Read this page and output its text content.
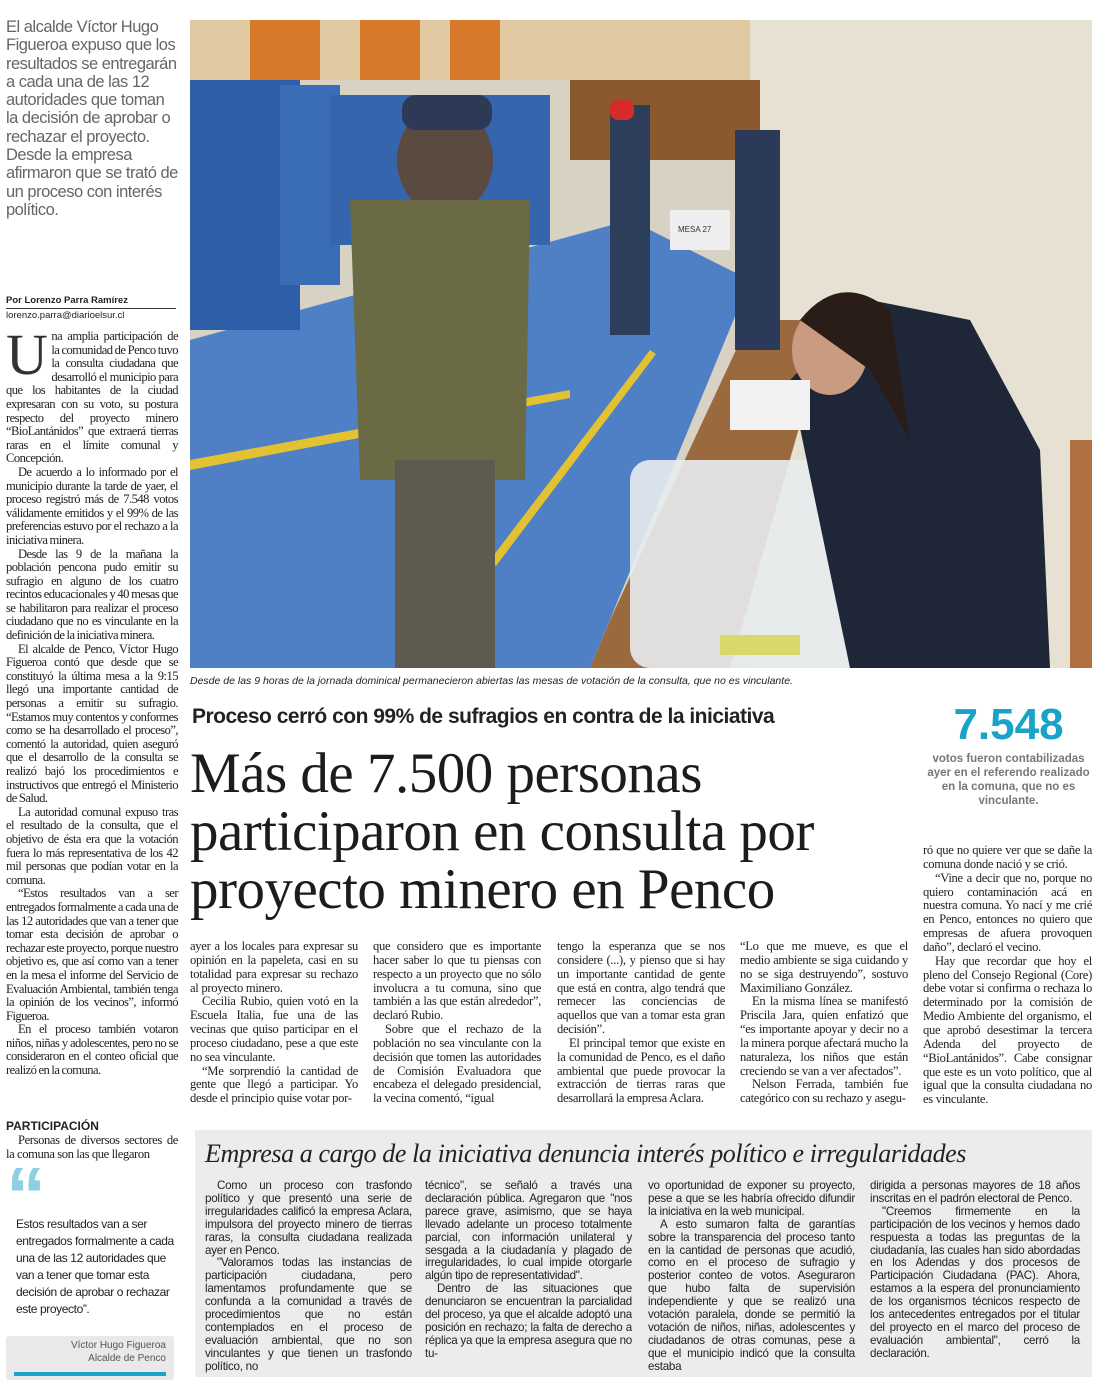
El alcalde Víctor Hugo Figueroa expuso que los resultados se entregarán a cada una de las 12 autoridades que toman la decisión de aprobar o rechazar el proyecto. Desde la empresa afirmaron que se trató de un proceso con interés político.
Por Lorenzo Parra Ramírez
lorenzo.parra@diarioelsur.cl
U na amplia participación de la comunidad de Penco tuvo la consulta ciudadana que desarrolló el municipio para que los habitantes de la ciudad expresaran con su voto, su postura respecto del proyecto minero “BioLantánidos” que extraerá tierras raras en el límite comunal y Concepción.

De acuerdo a lo informado por el municipio durante la tarde de yaer, el proceso registró más de 7.548 votos válidamente emitidos y el 99% de las preferencias estuvo por el rechazo a la iniciativa minera.

Desde las 9 de la mañana la población pencona pudo emitir su sufragio en alguno de los cuatro recintos educacionales y 40 mesas que se habilitaron para realizar el proceso ciudadano que no es vinculante en la definición de la iniciativa minera.

El alcalde de Penco, Víctor Hugo Figueroa contó que desde que se constituyó la última mesa a la 9:15 llegó una importante cantidad de personas a emitir su sufragio. “Estamos muy contentos y conformes como se ha desarrollado el proceso”, comentó la autoridad, quien aseguró que el desarrollo de la consulta se realizó bajó los procedimientos e instructivos que entregó el Ministerio de Salud.

La autoridad comunal expuso tras el resultado de la consulta, que el objetivo de ésta era que la votación fuera lo más representativa de los 42 mil personas que podían votar en la comuna.

“Estos resultados van a ser entregados formalmente a cada una de las 12 autoridades que van a tener que tomar esta decisión de aprobar o rechazar este proyecto, porque nuestro objetivo es, que así como van a tener en la mesa el informe del Servicio de Evaluación Ambiental, también tenga la opinión de los vecinos”, informó Figueroa.

En el proceso también votaron niños, niñas y adolescentes, pero no se consideraron en el conteo oficial que realizó en la comuna.

MESA 27
Desde de las 9 horas de la jornada dominical permanecieron abiertas las mesas de votación de la consulta, que no es vinculante.
Proceso cerró con 99% de sufragios en contra de la iniciativa
Más de 7.500 personas participaron en consulta por proyecto minero en Penco
7.548
votos fueron contabilizadas ayer en el referendo realizado en la comuna, que no es vinculante.

ayer a los locales para expresar su opinión en la papeleta, casi en su totalidad para expresar su rechazo al proyecto minero.

Cecilia Rubio, quien votó en la Escuela Italia, fue una de las vecinas que quiso participar en el proceso ciudadano, pese a que este no sea vinculante.

“Me sorprendió la cantidad de gente que llegó a participar. Yo desde el principio quise votar por-

que considero que es importante hacer saber lo que tu piensas con respecto a un proyecto que no sólo involucra a tu comuna, sino que también a las que están alrededor”, declaró Rubio.

Sobre que el rechazo de la población no sea vinculante con la decisión que tomen las autoridades de Comisión Evaluadora que encabeza el delegado presidencial, la vecina comentó, “igual

tengo la esperanza que se nos considere (...), y pienso que si hay un importante cantidad de gente que está en contra, algo tendrá que remecer las conciencias de aquellos que van a tomar esta gran decisión”.

El principal temor que existe en la comunidad de Penco, es el daño ambiental que puede provocar la extracción de tierras raras que desarrollará la empresa Aclara.

“Lo que me mueve, es que el medio ambiente se siga cuidando y no se siga destruyendo”, sostuvo Maximiliano González.

En la misma línea se manifestó Priscila Jara, quien enfatizó que “es importante apoyar y decir no a la minera porque afectará mucho la naturaleza, los niños que están creciendo se van a ver afectados”.

Nelson Ferrada, también fue categórico con su rechazo y asegu-

ró que no quiere ver que se dañe la comuna donde nació y se crió.

“Vine a decir que no, porque no quiero contaminación acá en nuestra comuna. Yo nací y me crié en Penco, entonces no quiero que empresas de afuera provoquen daño”, declaró el vecino.

Hay que recordar que hoy el pleno del Consejo Regional (Core) debe votar si confirma o rechaza lo determinado por la comisión de Medio Ambiente del organismo, el que aprobó desestimar la tercera Adenda del proyecto de “BioLantánidos”. Cabe consignar que este es un voto político, que al igual que la consulta ciudadana no es vinculante.

PARTICIPACIÓN
Personas de diversos sectores de la comuna son las que llegaron
“
Estos resultados van a ser entregados formalmente a cada una de las 12 autoridades que van a tener que tomar esta decisión de aprobar o rechazar este proyecto”.
Víctor Hugo Figueroa
Alcalde de Penco
Empresa a cargo de la iniciativa denuncia interés político e irregularidades

Como un proceso con trasfondo político y que presentó una serie de irregularidades calificó la empresa Aclara, impulsora del proyecto minero de tierras raras, la consulta ciudadana realizada ayer en Penco.

"Valoramos todas las instancias de participación ciudadana, pero lamentamos profundamente que se confunda a la comunidad a través de procedimientos que no están contemplados en el proceso de evaluación ambiental, que no son vinculantes y que tienen un trasfondo político, no

técnico", se señaló a través una declaración pública. Agregaron que "nos parece grave, asimismo, que se haya llevado adelante un proceso totalmente parcial, con información unilateral y sesgada a la ciudadanía y plagado de irregularidades, lo cual impide otorgarle algún tipo de representatividad".

Dentro de las situaciones que denunciaron se encuentran la parcialidad del proceso, ya que el alcalde adoptó una posición en rechazo; la falta de derecho a réplica ya que la empresa asegura que no tu-

vo oportunidad de exponer su proyecto, pese a que se les habría ofrecido difundir la iniciativa en la web municipal.

A esto sumaron falta de garantías sobre la transparencia del proceso tanto en la cantidad de personas que acudió, como en el proceso de sufragio y posterior conteo de votos. Aseguraron que hubo falta de supervisión independiente y que se realizó una votación paralela, donde se permitió la votación de niños, niñas, adolescentes y ciudadanos de otras comunas, pese a que el municipio indicó que la consulta estaba

dirigida a personas mayores de 18 años inscritas en el padrón electoral de Penco.

"Creemos firmemente en la participación de los vecinos y hemos dado respuesta a todas las preguntas de la ciudadanía, las cuales han sido abordadas en los Adendas y dos procesos de Participación Ciudadana (PAC). Ahora, estamos a la espera del pronunciamiento de los organismos técnicos respecto de los antecedentes entregados por el titular del proyecto en el marco del proceso de evaluación ambiental", cerró la declaración.
